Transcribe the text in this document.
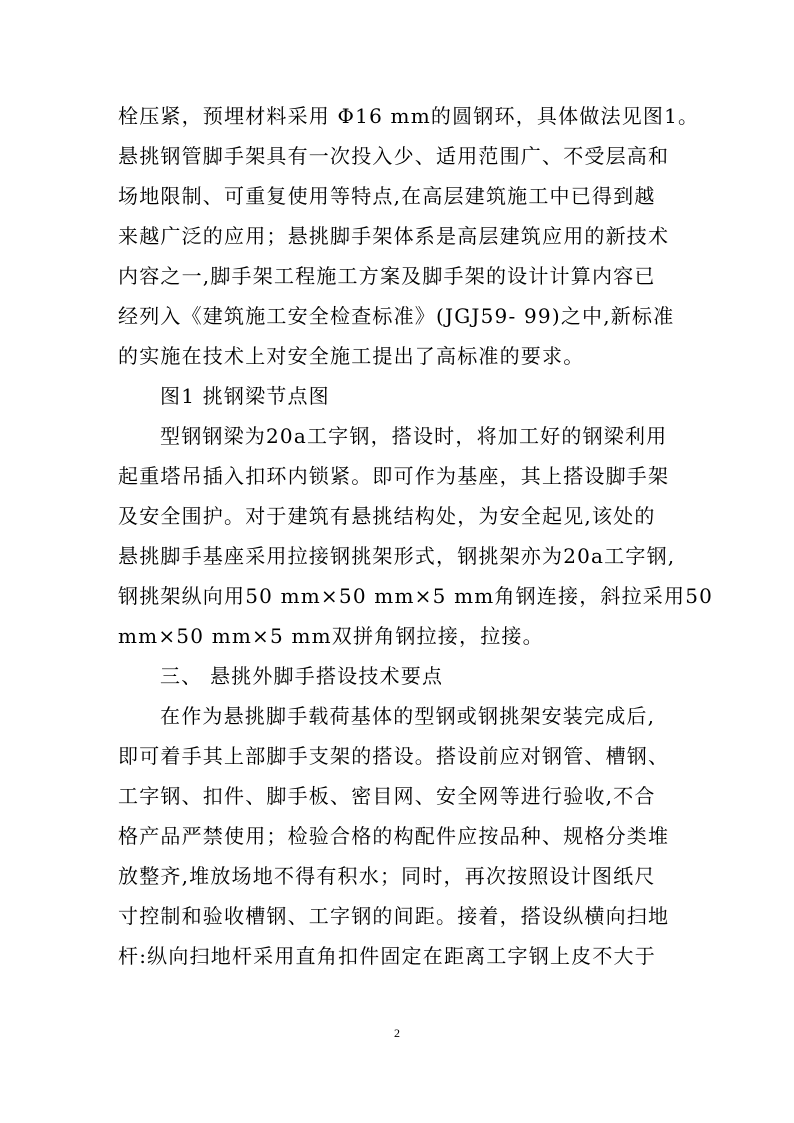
栓压紧，预埋材料采用 Φ16 mm的圆钢环，具体做法见图1。

悬挑钢管脚手架具有一次投入少、适用范围广、不受层高和

场地限制、可重复使用等特点,在高层建筑施工中已得到越

来越广泛的应用；悬挑脚手架体系是高层建筑应用的新技术

内容之一,脚手架工程施工方案及脚手架的设计计算内容已

经列入《建筑施工安全检查标准》(JGJ59- 99)之中,新标准

的实施在技术上对安全施工提出了高标准的要求。

图1 挑钢梁节点图

型钢钢梁为20a工字钢，搭设时，将加工好的钢梁利用

起重塔吊插入扣环内锁紧。即可作为基座，其上搭设脚手架

及安全围护。对于建筑有悬挑结构处，为安全起见,该处的

悬挑脚手基座采用拉接钢挑架形式，钢挑架亦为20a工字钢,

钢挑架纵向用50 mm×50 mm×5 mm角钢连接，斜拉采用50

mm×50 mm×5 mm双拼角钢拉接，拉接。

三、 悬挑外脚手搭设技术要点

在作为悬挑脚手载荷基体的型钢或钢挑架安装完成后,

即可着手其上部脚手支架的搭设。搭设前应对钢管、槽钢、

工字钢、扣件、脚手板、密目网、安全网等进行验收,不合

格产品严禁使用；检验合格的构配件应按品种、规格分类堆

放整齐,堆放场地不得有积水；同时，再次按照设计图纸尺

寸控制和验收槽钢、工字钢的间距。接着，搭设纵横向扫地

杆:纵向扫地杆采用直角扣件固定在距离工字钢上皮不大于

2
